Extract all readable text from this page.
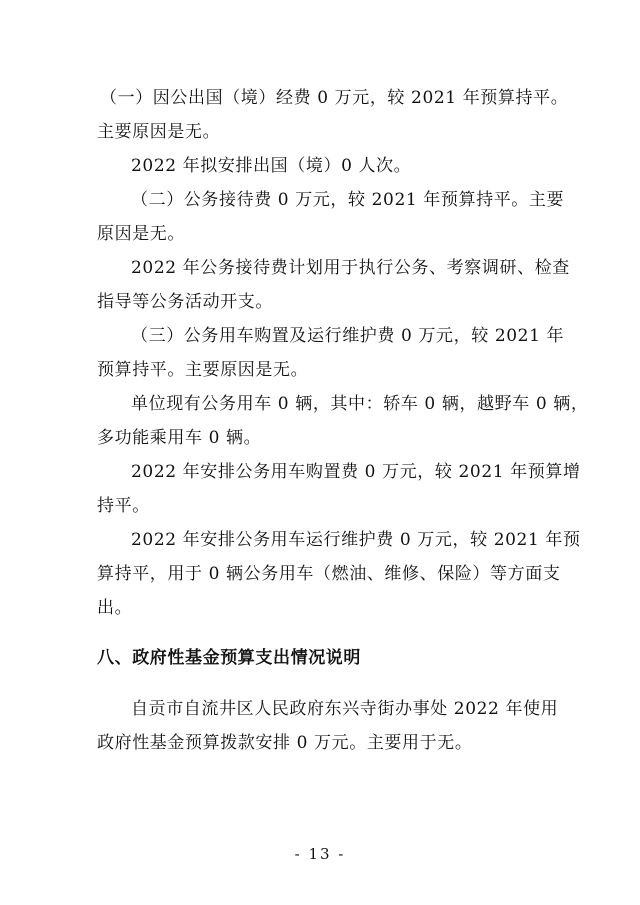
（一）因公出国（境）经费 0 万元，较 2021 年预算持平。
主要原因是无。
2022 年拟安排出国（境）0 人次。
（二）公务接待费 0 万元，较 2021 年预算持平。主要
原因是无。
2022 年公务接待费计划用于执行公务、考察调研、检查
指导等公务活动开支。
（三）公务用车购置及运行维护费 0 万元，较 2021 年
预算持平。主要原因是无。
单位现有公务用车 0 辆，其中：轿车 0 辆，越野车 0 辆，
多功能乘用车 0 辆。
2022 年安排公务用车购置费 0 万元，较 2021 年预算增
持平。
2022 年安排公务用车运行维护费 0 万元，较 2021 年预
算持平，用于 0 辆公务用车（燃油、维修、保险）等方面支
出。
八、政府性基金预算支出情况说明
自贡市自流井区人民政府东兴寺街办事处 2022 年使用
政府性基金预算拨款安排 0 万元。主要用于无。
- 13 -
